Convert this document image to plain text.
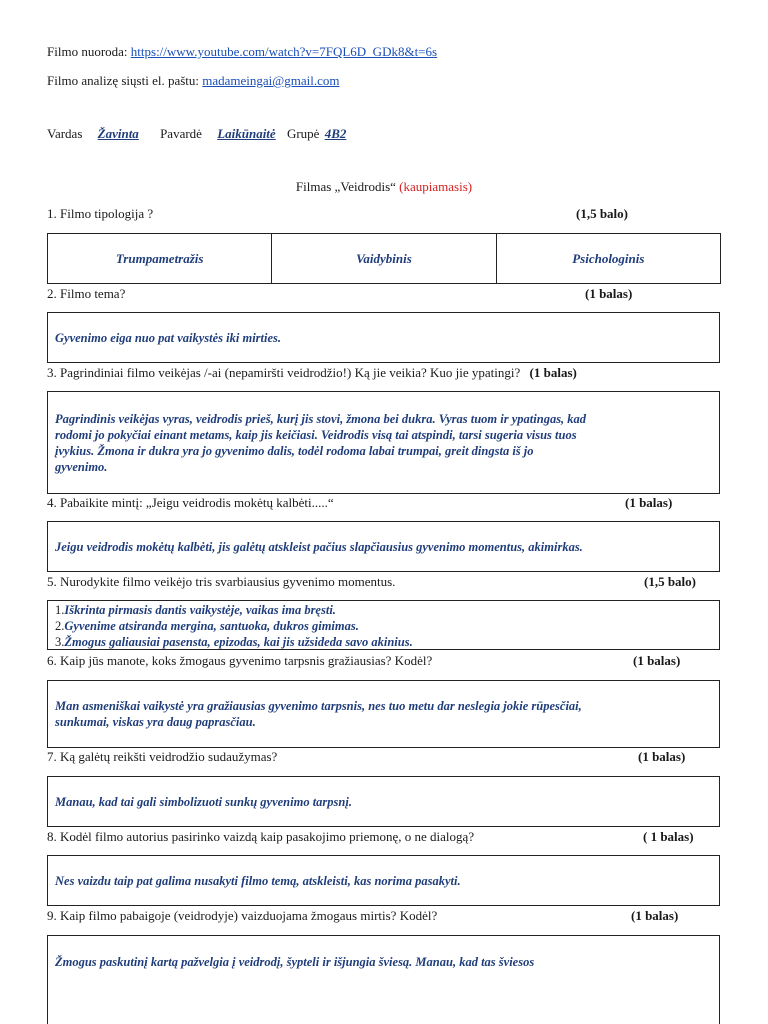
Filmo nuoroda: https://www.youtube.com/watch?v=7FQL6D_GDk8&t=6s
Filmo analizę siųsti el. paštu: madameingai@gmail.com
Vardas Žavinta Pavardė Laikūnaitė Grupė 4B2
Filmas „Veidrodis“ (kaupiamasis)
1. Filmo tipologija ?	(1,5 balo)
Trumpametražis	Vaidybinis	Psichologinis
2. Filmo tema?	(1 balas)
Gyvenimo eiga nuo pat vaikystės iki mirties.
3. Pagrindiniai filmo veikėjas /-ai (nepamiršti veidrodžio!) Ką jie veikia? Kuo jie ypatingi? (1 balas)
Pagrindinis veikėjas vyras, veidrodis prieš, kurį jis stovi, žmona bei dukra. Vyras tuom ir ypatingas, kad
rodomi jo pokyčiai einant metams, kaip jis keičiasi. Veidrodis visą tai atspindi, tarsi sugeria visus tuos
įvykius. Žmona ir dukra yra jo gyvenimo dalis, todėl rodoma labai trumpai, greit dingsta iš jo
gyvenimo.
4. Pabaikite mintį: „Jeigu veidrodis mokėtų kalbėti.....“	(1 balas)
Jeigu veidrodis mokėtų kalbėti, jis galėtų atskleist pačius slapčiausius gyvenimo momentus, akimirkas.
5. Nurodykite filmo veikėjo tris svarbiausius gyvenimo momentus.	(1,5 balo)
1.Iškrinta pirmasis dantis vaikystėje, vaikas ima bręsti.
2.Gyvenime atsiranda mergina, santuoka, dukros gimimas.
3.Žmogus galiausiai pasensta, epizodas, kai jis užsideda savo akinius.
6. Kaip jūs manote, koks žmogaus gyvenimo tarpsnis gražiausias? Kodėl?	(1 balas)
Man asmeniškai vaikystė yra gražiausias gyvenimo tarpsnis, nes tuo metu dar neslegia jokie rūpesčiai,
sunkumai, viskas yra daug paprasčiau.
7. Ką galėtų reikšti veidrodžio sudaužymas?	(1 balas)
Manau, kad tai gali simbolizuoti sunkų gyvenimo tarpsnį.
8. Kodėl filmo autorius pasirinko vaizdą kaip pasakojimo priemonę, o ne dialogą?	( 1 balas)
Nes vaizdu taip pat galima nusakyti filmo temą, atskleisti, kas norima pasakyti.
9. Kaip filmo pabaigoje (veidrodyje) vaizduojama žmogaus mirtis? Kodėl?	(1 balas)
Žmogus paskutinį kartą pažvelgia į veidrodį, šypteli ir išjungia šviesą. Manau, kad tas šviesos
